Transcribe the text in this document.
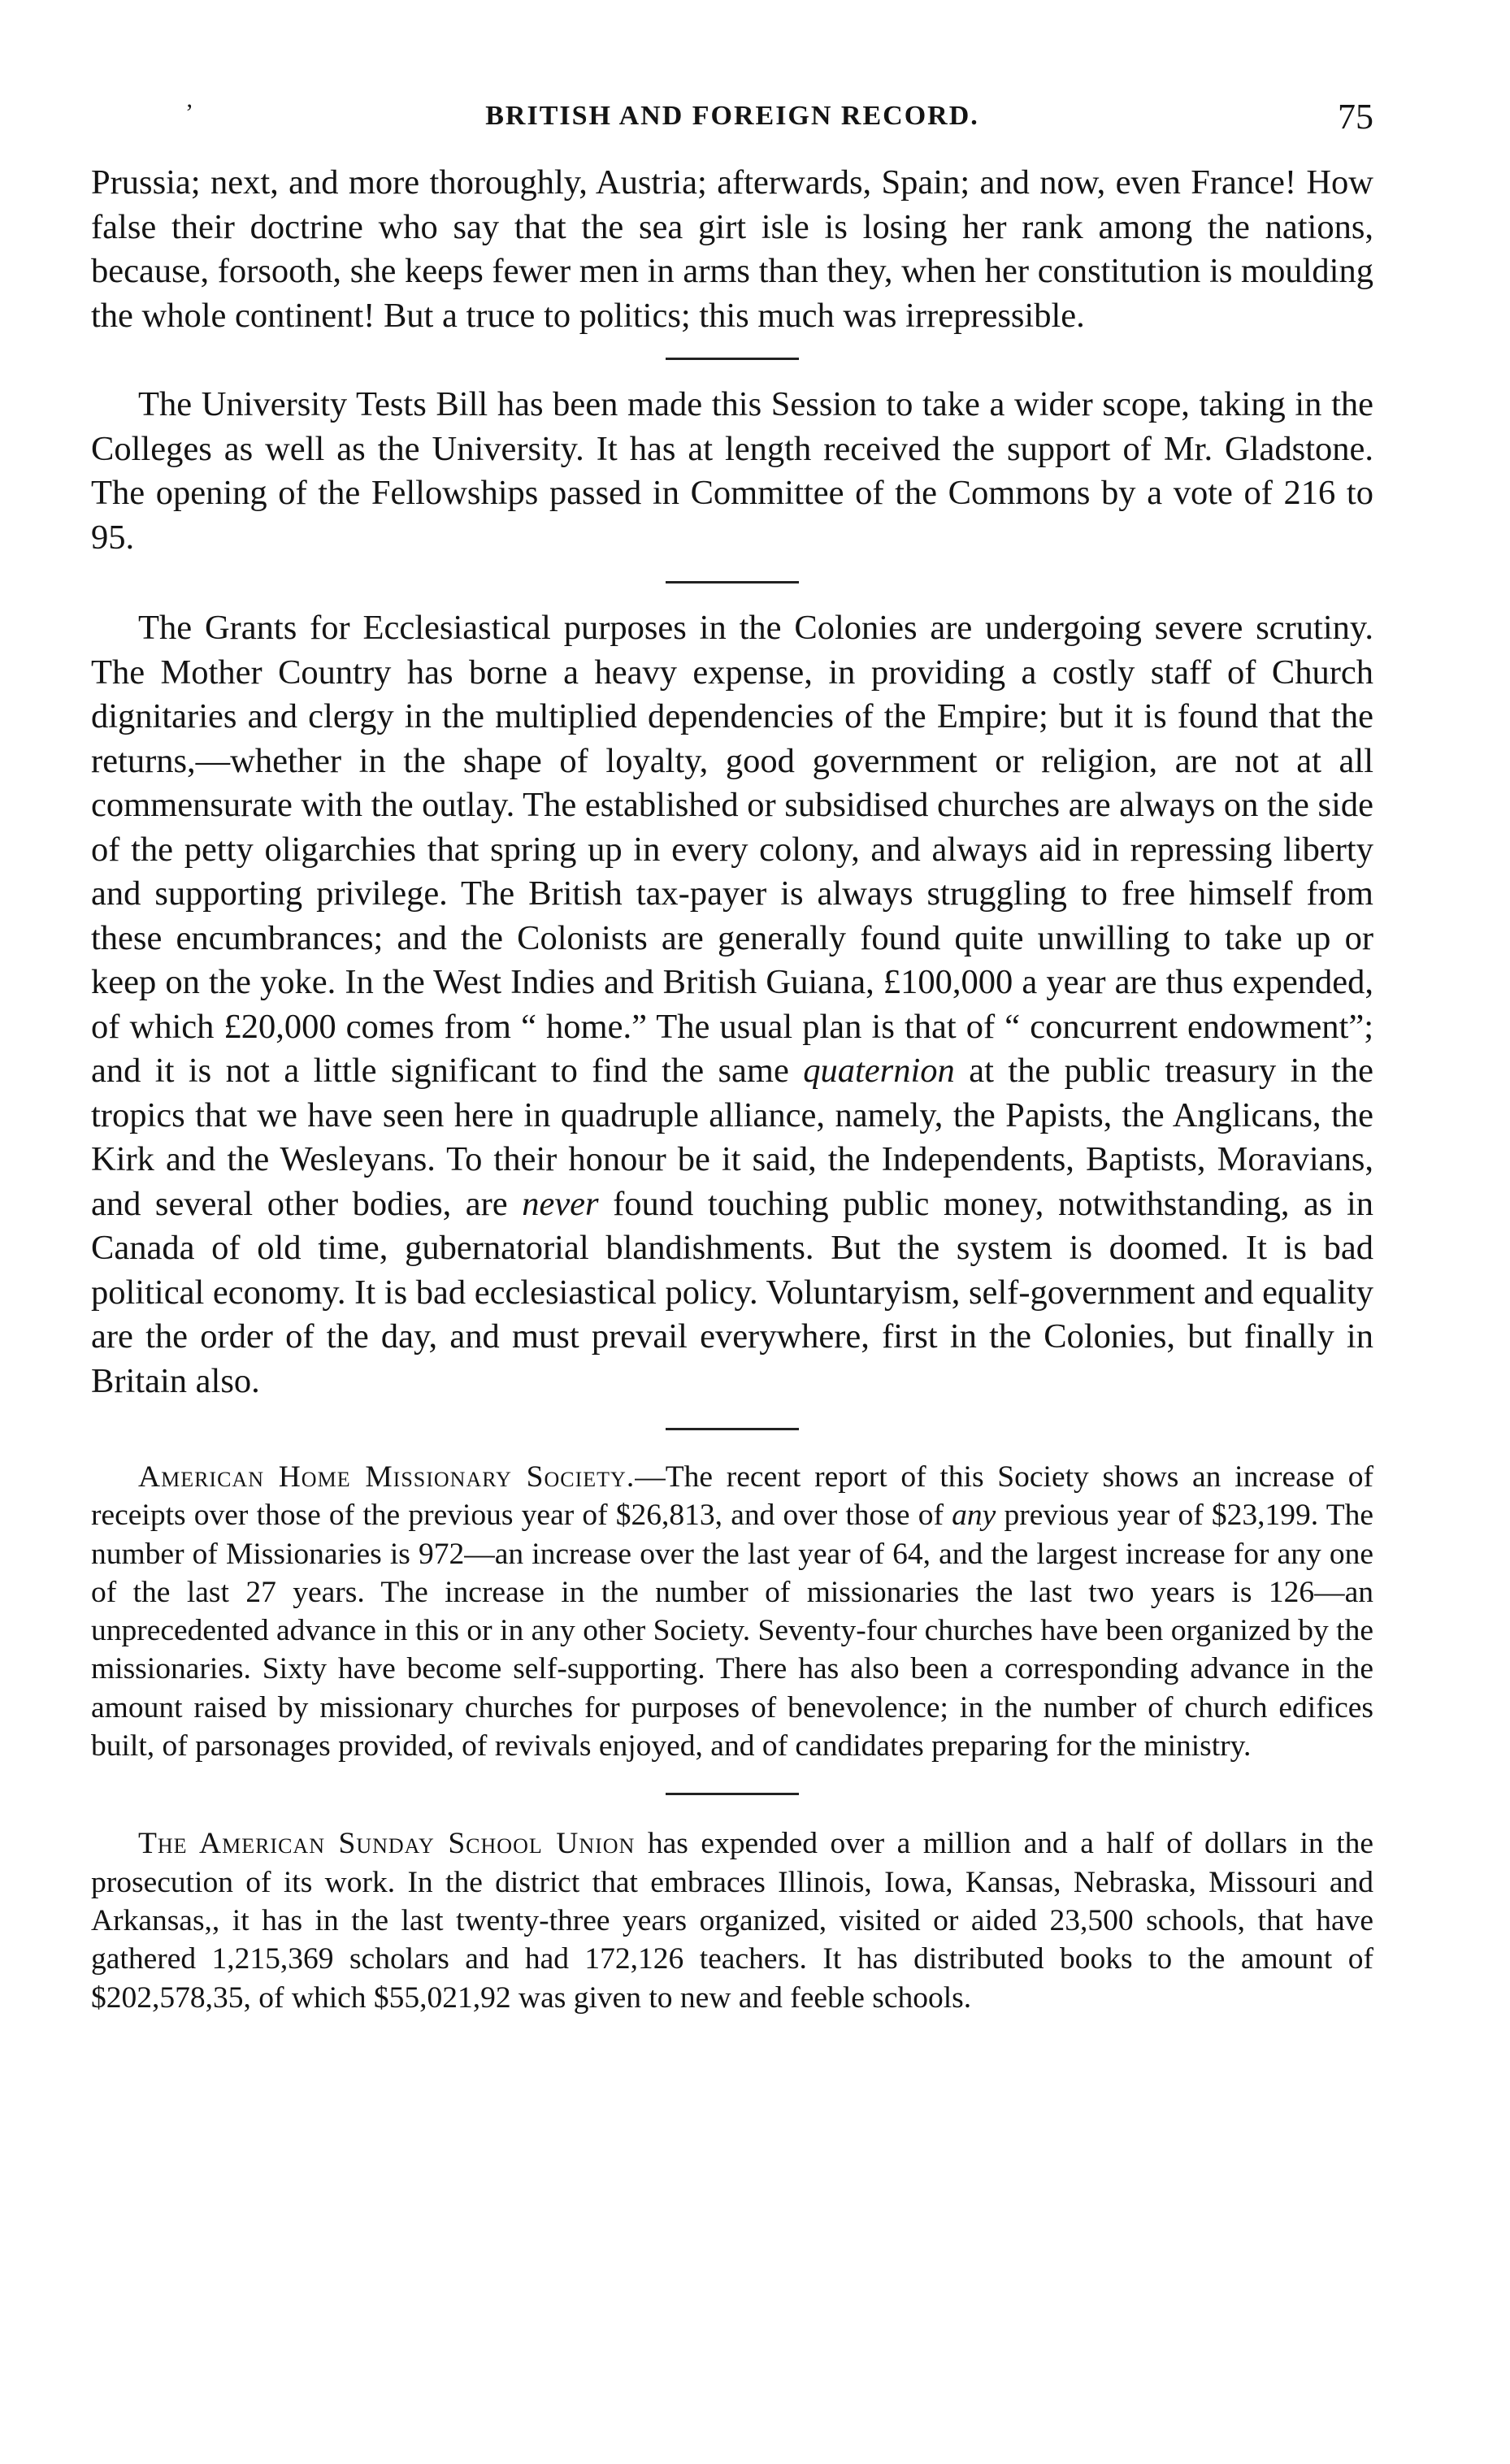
’	BRITISH AND FOREIGN RECORD.	75

Prussia; next, and more thoroughly, Austria; afterwards, Spain; and now, even France! How false their doctrine who say that the sea girt isle is losing her rank among the nations, because, forsooth, she keeps fewer men in arms than they, when her constitution is moulding the whole continent! But a truce to politics; this much was irrepressible.

The University Tests Bill has been made this Session to take a wider scope, taking in the Colleges as well as the University. It has at length received the support of Mr. Gladstone. The opening of the Fellowships passed in Committee of the Commons by a vote of 216 to 95.

The Grants for Ecclesiastical purposes in the Colonies are undergoing severe scrutiny. The Mother Country has borne a heavy expense, in providing a costly staff of Church dignitaries and clergy in the multiplied dependencies of the Empire; but it is found that the returns,—whether in the shape of loyalty, good government or religion, are not at all commensurate with the outlay. The established or subsidised churches are always on the side of the petty oligarchies that spring up in every colony, and always aid in repressing liberty and supporting privilege. The British tax-payer is always struggling to free himself from these encumbrances; and the Colonists are generally found quite unwilling to take up or keep on the yoke. In the West Indies and British Guiana, £100,000 a year are thus expended, of which £20,000 comes from “ home.” The usual plan is that of “ concurrent endowment”; and it is not a little significant to find the same quaternion at the public treasury in the tropics that we have seen here in quadruple alliance, namely, the Papists, the Anglicans, the Kirk and the Wesleyans. To their honour be it said, the Independents, Baptists, Moravians, and several other bodies, are never found touching public money, notwithstanding, as in Canada of old time, gubernatorial blandishments. But the system is doomed. It is bad political economy. It is bad ecclesiastical policy. Voluntaryism, self-government and equality are the order of the day, and must prevail everywhere, first in the Colonies, but finally in Britain also.

American Home Missionary Society.—The recent report of this Society shows an increase of receipts over those of the previous year of $26,813, and over those of any previous year of $23,199. The number of Missionaries is 972—an increase over the last year of 64, and the largest increase for any one of the last 27 years. The increase in the number of missionaries the last two years is 126—an unprecedented advance in this or in any other Society. Seventy-four churches have been organized by the missionaries. Sixty have become self-supporting. There has also been a corresponding advance in the amount raised by missionary churches for purposes of benevolence; in the number of church edifices built, of parsonages provided, of revivals enjoyed, and of candidates preparing for the ministry.

The American Sunday School Union has expended over a million and a half of dollars in the prosecution of its work. In the district that embraces Illinois, Iowa, Kansas, Nebraska, Missouri and Arkansas,, it has in the last twenty-three years organized, visited or aided 23,500 schools, that have gathered 1,215,369 scholars and had 172,126 teachers. It has distributed books to the amount of $202,578,35, of which $55,021,92 was given to new and feeble schools.
